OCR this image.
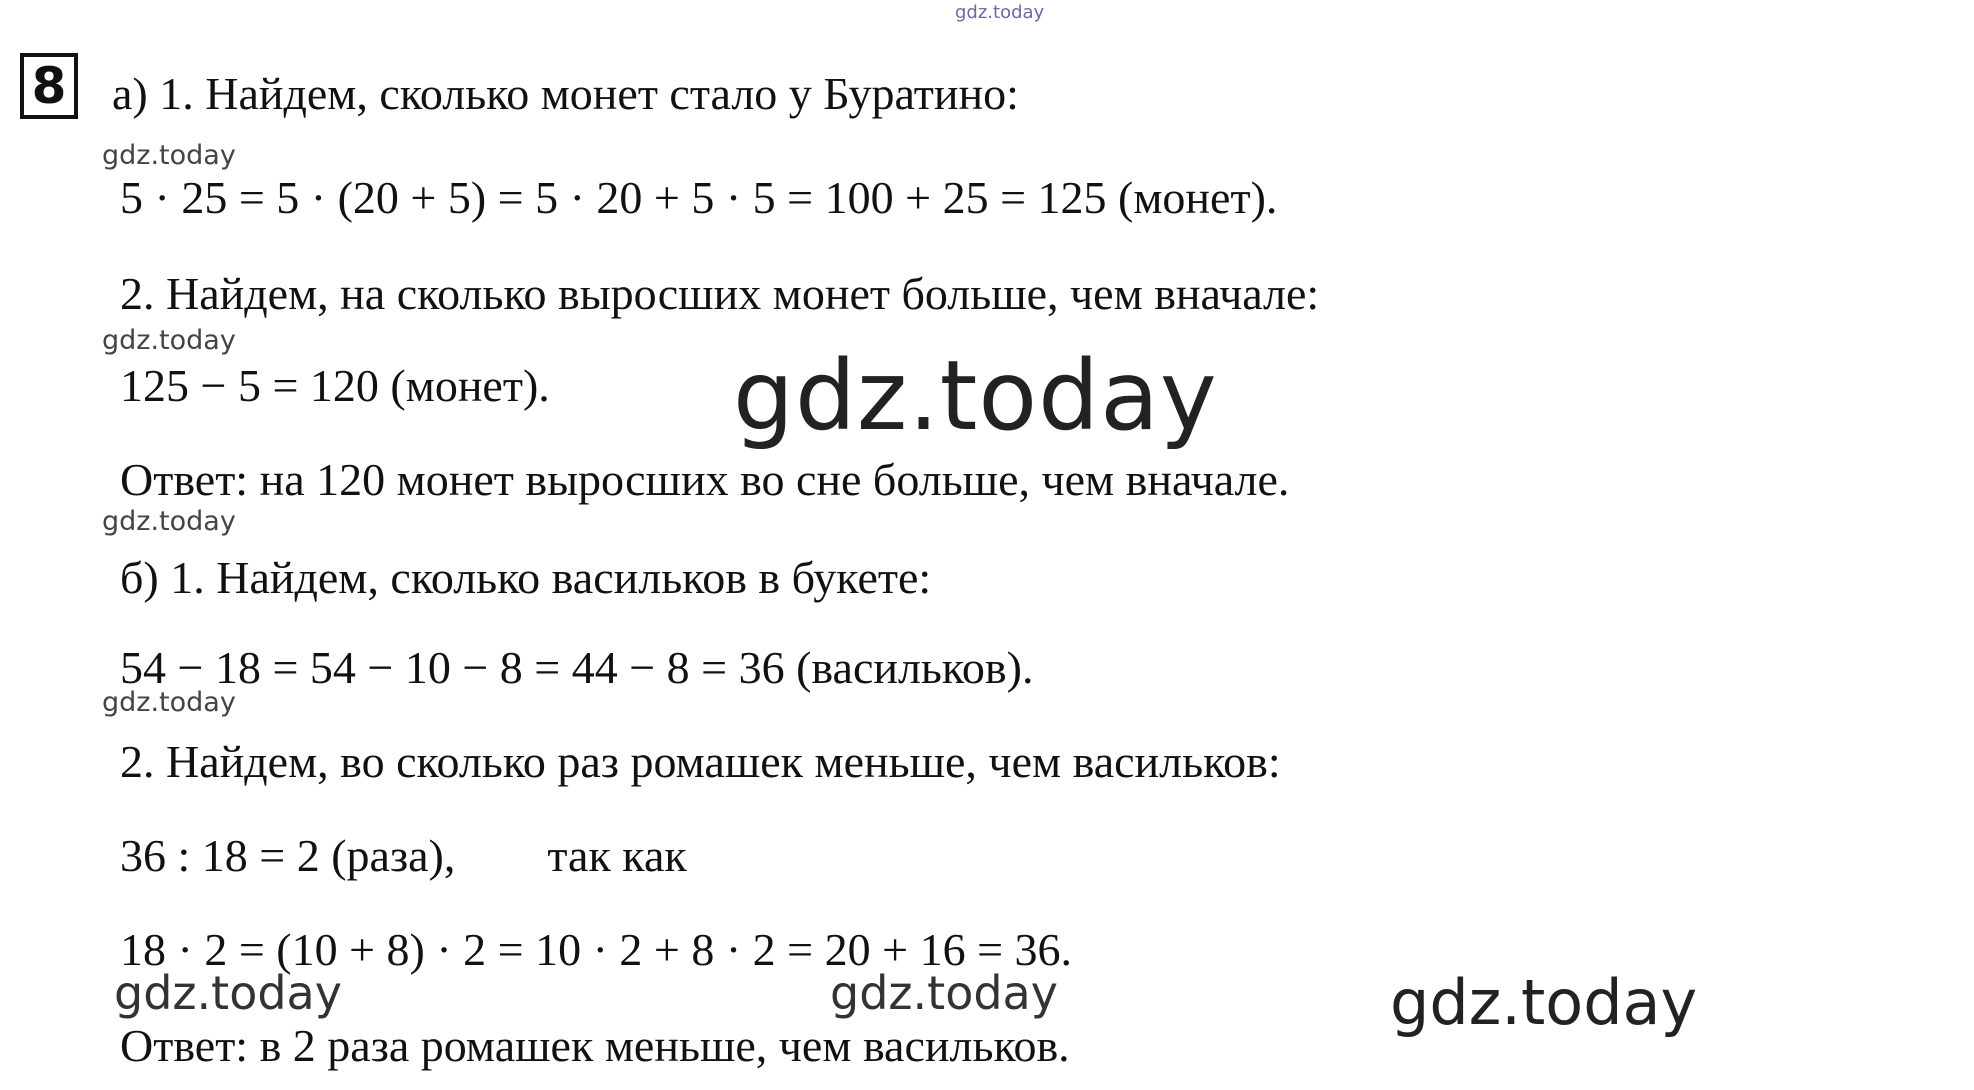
gdz.today
8 а) 1. Найдем, сколько монет стало у Буратино:
gdz.today
5 · 25 = 5 · (20 + 5) = 5 · 20 + 5 · 5 = 100 + 25 = 125 (монет).
2. Найдем, на сколько выросших монет больше, чем вначале:
gdz.today
125 − 5 = 120 (монет). gdz.today
Ответ: на 120 монет выросших во сне больше, чем вначале.
gdz.today
б) 1. Найдем, сколько васильков в букете:
54 − 18 = 54 − 10 − 8 = 44 − 8 = 36 (васильков).
gdz.today
2. Найдем, во сколько раз ромашек меньше, чем васильков:
36 : 18 = 2 (раза),        так как
18 · 2 = (10 + 8) · 2 = 10 · 2 + 8 · 2 = 20 + 16 = 36.
gdz.today	gdz.today	gdz.today
Ответ: в 2 раза ромашек меньше, чем васильков.
